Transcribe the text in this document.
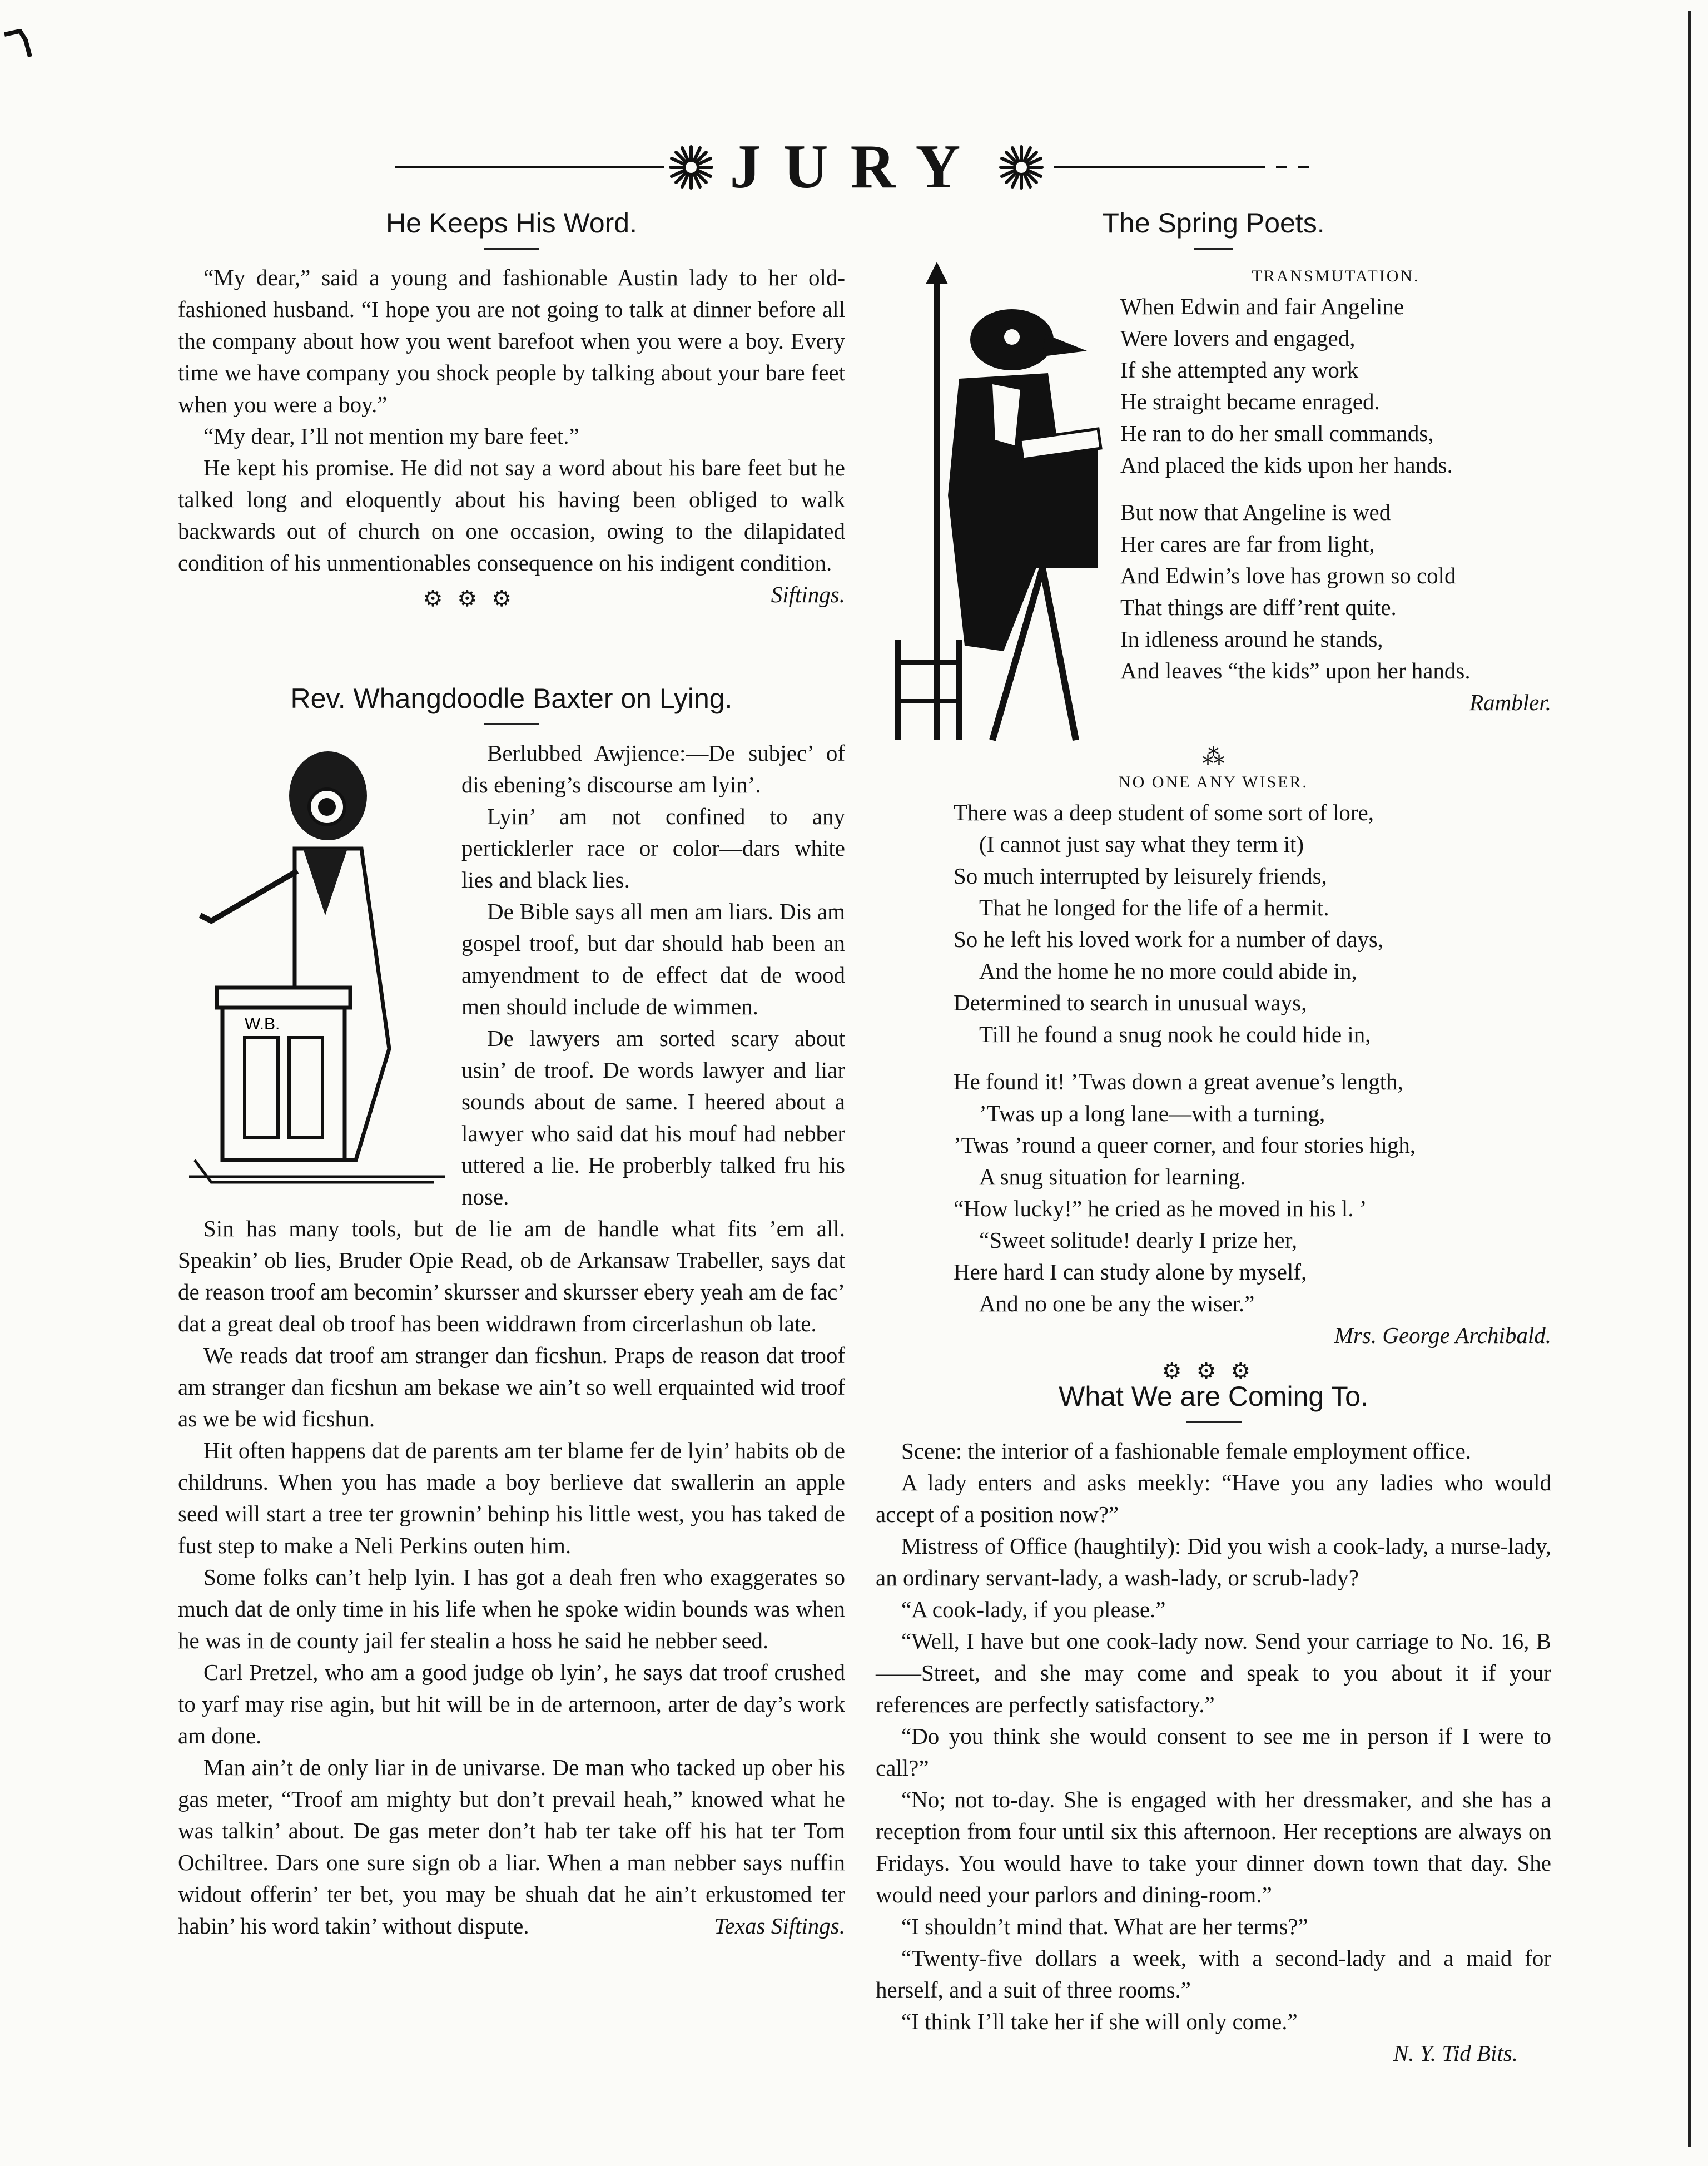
JURY
He Keeps His Word.

“My dear,” said a young and fashionable Austin lady to her old-fashioned husband. “I hope you are not going to talk at dinner before all the company about how you went barefoot when you were a boy. Every time we have company you shock people by talking about your bare feet when you were a boy.”

“My dear, I’ll not mention my bare feet.”

He kept his promise. He did not say a word about his bare feet but he talked long and eloquently about his having been obliged to walk backwards out of church on one occasion, owing to the dilapidated condition of his unmentionables consequence on his indigent condition.
Siftings.

⚙⚙⚙
Rev. Whangdoodle Baxter on Lying.
W.B.

Berlubbed Awjience:—De subjec’ of dis ebening’s discourse am lyin’.

Lyin’ am not confined to any perticklerler race or color—dars white lies and black lies.

De Bible says all men am liars. Dis am gospel troof, but dar should hab been an amyendment to de effect dat de wood men should include de wimmen.

De lawyers am sorted scary about usin’ de troof. De words lawyer and liar sounds about de same. I heered about a lawyer who said dat his mouf had nebber uttered a lie. He proberbly talked fru his nose.

Sin has many tools, but de lie am de handle what fits ’em all. Speakin’ ob lies, Bruder Opie Read, ob de Arkansaw Trabeller, says dat de reason troof am becomin’ skursser and skursser ebery yeah am de fac’ dat a great deal ob troof has been widdrawn from circerlashun ob late.

We reads dat troof am stranger dan ficshun. Praps de reason dat troof am stranger dan ficshun am bekase we ain’t so well erquainted wid troof as we be wid ficshun.

Hit often happens dat de parents am ter blame fer de lyin’ habits ob de childruns. When you has made a boy berlieve dat swallerin an apple seed will start a tree ter grownin’ behinp his little west, you has taked de fust step to make a Neli Perkins outen him.

Some folks can’t help lyin. I has got a deah fren who exaggerates so much dat de only time in his life when he spoke widin bounds was when he was in de county jail fer stealin a hoss he said he nebber seed.

Carl Pretzel, who am a good judge ob lyin’, he says dat troof crushed to yarf may rise agin, but hit will be in de arternoon, arter de day’s work am done.

Man ain’t de only liar in de univarse. De man who tacked up ober his gas meter, “Troof am mighty but don’t prevail heah,” knowed what he was talkin’ about. De gas meter don’t hab ter take off his hat ter Tom Ochiltree. Dars one sure sign ob a liar. When a man nebber says nuffin widout offerin’ ter bet, you may be shuah dat he ain’t erkustomed ter habin’ his word takin’ without dispute.	Texas Siftings.

The Spring Poets.
TRANSMUTATION.
When Edwin and fair Angeline
Were lovers and engaged,
If she attempted any work
He straight became enraged.
He ran to do her small commands,
And placed the kids upon her hands.
But now that Angeline is wed
Her cares are far from light,
And Edwin’s love has grown so cold
That things are diff’rent quite.
In idleness around he stands,
And leaves “the kids” upon her hands.
Rambler.
⁂
NO ONE ANY WISER.
There was a deep student of some sort of lore,
(I cannot just say what they term it)
So much interrupted by leisurely friends,
That he longed for the life of a hermit.
So he left his loved work for a number of days,
And the home he no more could abide in,
Determined to search in unusual ways,
Till he found a snug nook he could hide in,
He found it! ’Twas down a great avenue’s length,
’Twas up a long lane—with a turning,
’Twas ’round a queer corner, and four stories high,
A snug situation for learning.
“How lucky!” he cried as he moved in his l. ’
“Sweet solitude! dearly I prize her,
Here hard I can study alone by myself,
And no one be any the wiser.”
Mrs. George Archibald.
⚙⚙⚙
What We are Coming To.

Scene: the interior of a fashionable female employment office.

A lady enters and asks meekly: “Have you any ladies who would accept of a position now?”

Mistress of Office (haughtily): Did you wish a cook-lady, a nurse-lady, an ordinary servant-lady, a wash-lady, or scrub-lady?

“A cook-lady, if you please.”

“Well, I have but one cook-lady now. Send your carriage to No. 16, B——Street, and she may come and speak to you about it if your references are perfectly satisfactory.”

“Do you think she would consent to see me in person if I were to call?”

“No; not to-day. She is engaged with her dressmaker, and she has a reception from four until six this afternoon. Her receptions are always on Fridays. You would have to take your dinner down town that day. She would need your parlors and dining-room.”

“I shouldn’t mind that. What are her terms?”

“Twenty-five dollars a week, with a second-lady and a maid for herself, and a suit of three rooms.”

“I think I’ll take her if she will only come.”

N. Y. Tid Bits.
